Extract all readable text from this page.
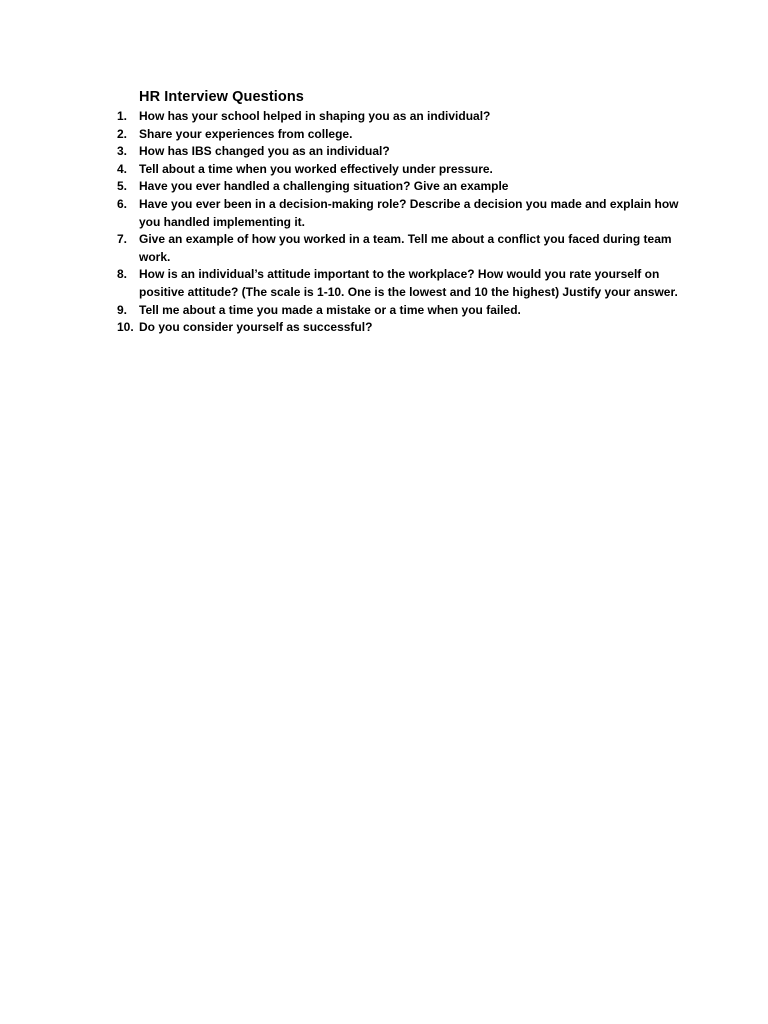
HR Interview Questions
1. How has your school helped in shaping you as an individual?
2. Share your experiences from college.
3. How has IBS changed you as an individual?
4. Tell about a time when you worked effectively under pressure.
5. Have you ever handled a challenging situation? Give an example
6. Have you ever been in a decision-making role? Describe a decision you made and explain how you handled implementing it.
7. Give an example of how you worked in a team. Tell me about a conflict you faced during team work.
8. How is an individual’s attitude important to the workplace? How would you rate yourself on positive attitude? (The scale is 1-10. One is the lowest and 10 the highest) Justify your answer.
9. Tell me about a time you made a mistake or a time when you failed.
10. Do you consider yourself as successful?
